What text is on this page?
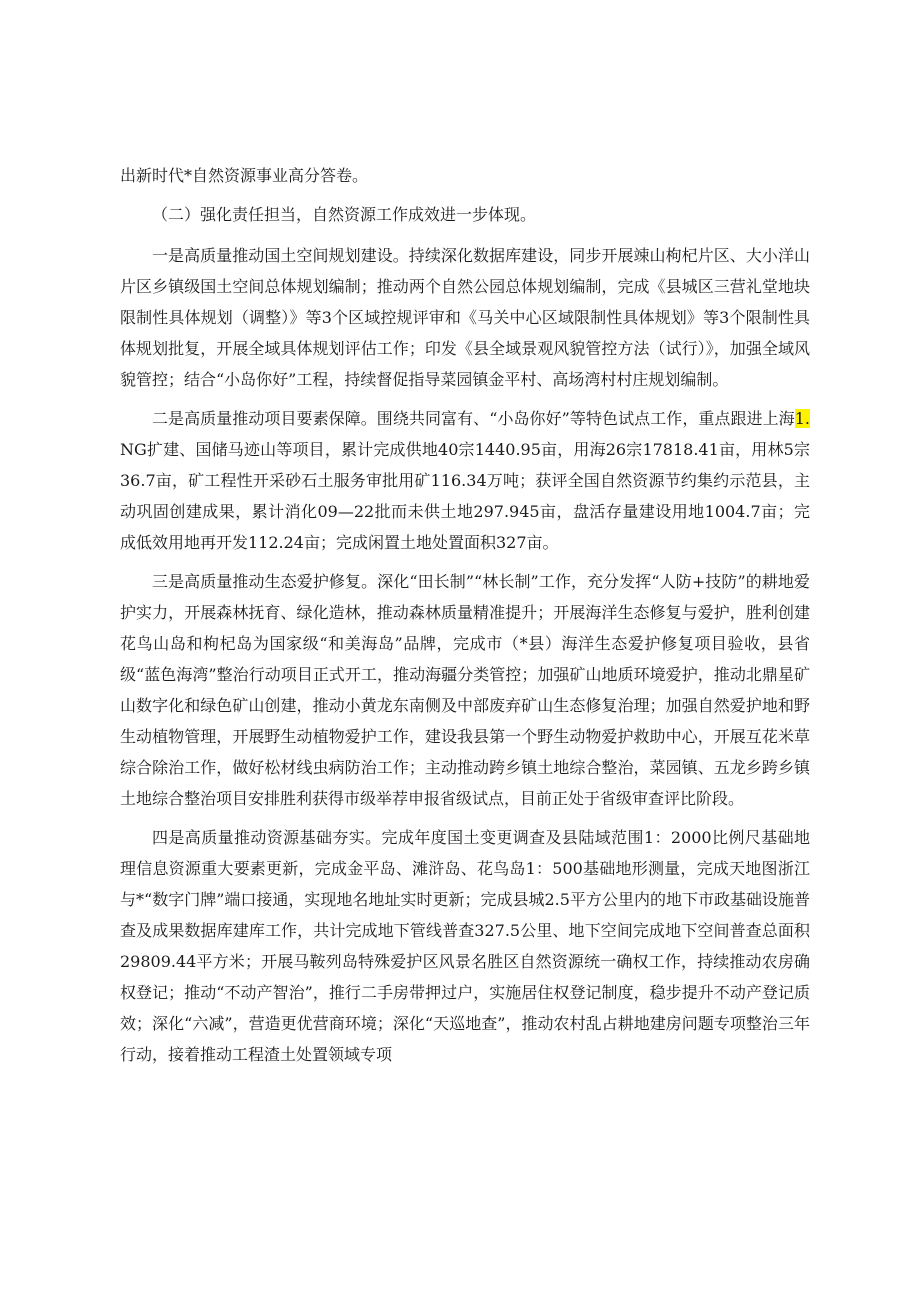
出新时代*自然资源事业高分答卷。

（二）强化责任担当，自然资源工作成效进一步体现。

一是高质量推动国土空间规划建设。持续深化数据库建设，同步开展竦山枸杞片区、大小洋山片区乡镇级国土空间总体规划编制；推动两个自然公园总体规划编制，完成《县城区三营礼堂地块限制性具体规划（调整）》等3个区域控规评审和《马关中心区域限制性具体规划》等3个限制性具体规划批复，开展全域具体规划评估工作；印发《县全域景观风貌管控方法（试行）》，加强全域风貌管控；结合“小岛你好”工程，持续督促指导菜园镇金平村、高场湾村村庄规划编制。

二是高质量推动项目要素保障。围绕共同富有、“小岛你好”等特色试点工作，重点跟进上海1.NG扩建、国储马迹山等项目，累计完成供地40宗1440.95亩，用海26宗17818.41亩，用林5宗36.7亩，矿工程性开采砂石土服务审批用矿116.34万吨；获评全国自然资源节约集约示范县，主动巩固创建成果，累计消化09—22批而未供土地297.945亩，盘活存量建设用地1004.7亩；完成低效用地再开发112.24亩；完成闲置土地处置面积327亩。

三是高质量推动生态爱护修复。深化“田长制”“林长制”工作，充分发挥“人防+技防”的耕地爱护实力，开展森林抚育、绿化造林，推动森林质量精准提升；开展海洋生态修复与爱护，胜利创建花鸟山岛和枸杞岛为国家级“和美海岛”品牌，完成市（*县）海洋生态爱护修复项目验收，县省级“蓝色海湾”整治行动项目正式开工，推动海疆分类管控；加强矿山地质环境爱护，推动北鼎星矿山数字化和绿色矿山创建，推动小黄龙东南侧及中部废弃矿山生态修复治理；加强自然爱护地和野生动植物管理，开展野生动植物爱护工作，建设我县第一个野生动物爱护救助中心，开展互花米草综合除治工作，做好松材线虫病防治工作；主动推动跨乡镇土地综合整治，菜园镇、五龙乡跨乡镇土地综合整治项目安排胜利获得市级举荐申报省级试点，目前正处于省级审查评比阶段。

四是高质量推动资源基础夯实。完成年度国土变更调查及县陆域范围1：2000比例尺基础地理信息资源重大要素更新，完成金平岛、滩浒岛、花鸟岛1：500基础地形测量，完成天地图浙江与*“数字门牌”端口接通，实现地名地址实时更新；完成县城2.5平方公里内的地下市政基础设施普查及成果数据库建库工作，共计完成地下管线普查327.5公里、地下空间完成地下空间普查总面积29809.44平方米；开展马鞍列岛特殊爱护区风景名胜区自然资源统一确权工作，持续推动农房确权登记；推动“不动产智治”，推行二手房带押过户，实施居住权登记制度，稳步提升不动产登记质效；深化“六减”，营造更优营商环境；深化“天巡地查”，推动农村乱占耕地建房问题专项整治三年行动，接着推动工程渣土处置领域专项
